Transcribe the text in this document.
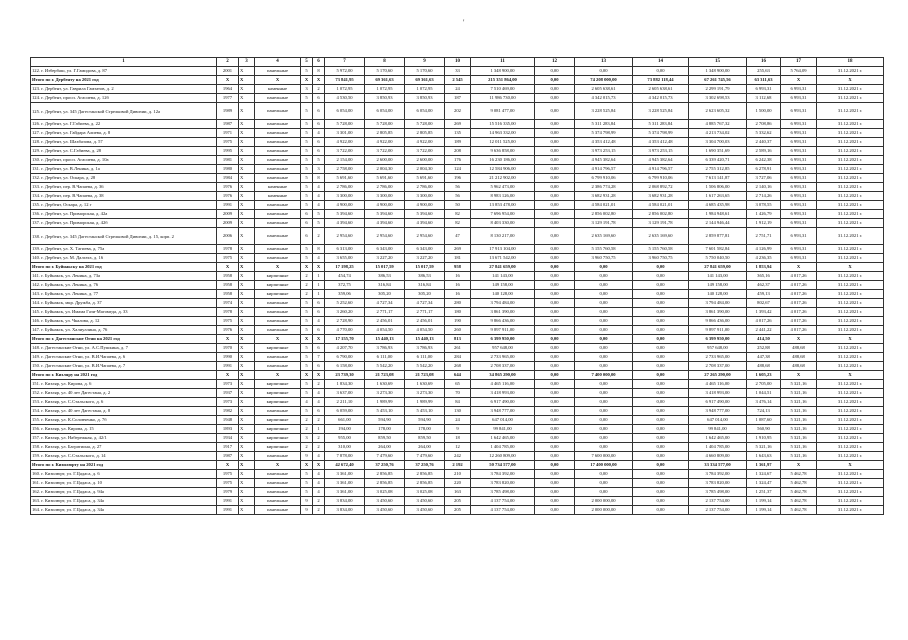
'
1	2	3	4	5	6	7	8	9	10	11	12	13	14	15	16	17	18
122. г. Избербаш, ул. Г.Гамидова, д. 87	2001	X	панельные	5	8	5 972,00	5 170,60	5 170,60	33	1 348 900,00	0,00	0,00	0,00	1 348 900,00	255,63	5 764,09	31.12.2021 г.
Итого по г. Дербенту на 2021 год	X	X	X	X	X	73 841,95	69 361,63	69 361,63	2 545	215 351 864,00	0,00	74 208 000,00	73 882 118,44	67 261 745,56	63 311,63	X	X
123. г. Дербент, ул. Гаврила Гамзатов, д. 2	1964	X	каменные	3	2	1 072,95	1 072,95	1 072,95	24	7 510 469,00	0,00	2 605 638,61	2 605 638,61	2 299 191,79	6 993,31	6 993,31	31.12.2021 г.
124. г. Дербент, просп. Агасиева, д. 12б	1977	X	панельные	5	6	4 530,50	3 850,93	3 850,93	187	11 986 730,00	0,00	4 342 015,73	4 342 015,73	3 302 698,53	3 112,68	6 993,31	31.12.2021 г.
125. г. Дербент, ул. 345 Дагестанской Стрелковой Дивизии, д. 12а	1989	X	панельные	5	6	6 054,00	6 054,00	6 054,00	202	9 081 477,00	0,00	3 228 525,84	3 228 525,84	2 623 605,32	1 500,00	6 993,31	31.12.2021 г.
126. г. Дербент, ул. Г.Габиева, д. 22	1987	X	панельные	5	6	5 728,00	5 728,00	5 728,00	269	15 516 335,00	0,00	5 311 283,84	5 311 283,84	4 885 767,32	2 708,86	6 993,31	31.12.2021 г.
127. г. Дербент, ул. Гайдара Алиева, д. 8	1971	X	панельные	5	4	3 301,00	2 805,85	2 805,85	135	14 963 332,00	0,00	5 374 798,99	5 374 798,99	4 213 734,02	5 332,62	6 993,31	31.12.2021 г.
128. г. Дербент, ул. Шахбазова, д. 57	1975	X	панельные	5	6	4 922,00	4 922,00	4 922,00	189	12 011 525,00	0,00	4 353 412,48	4 353 412,48	3 304 700,03	2 440,37	6 993,31	31.12.2021 г.
129. г. Дербент, ул. С.Габиева, д. 28	1995	X	панельные	5	6	3 722,00	3 722,00	3 722,00	208	9 636 858,00	0,00	3 973 253,15	3 973 253,15	1 690 351,69	2 589,16	6 993,31	31.12.2021 г.
130. г. Дербент, просп. Агасиева, д. 10а	1981	X	панельные	5	5	2 154,00	2 600,00	2 600,00	176	16 230 186,00	0,00	4 945 382,64	4 945 382,64	6 339 420,71	6 242,38	6 993,31	31.12.2021 г.
131. г. Дербент, ул. В.Ленина, д. 1а	1980	X	панельные	5	3	2 758,00	2 004,30	2 004,30	124	12 584 906,00	0,00	4 914 796,57	4 914 796,57	2 755 312,85	6 278,91	6 993,31	31.12.2021 г.
132. г. Дербент, ул. Оскара, д. 28	1984	X	панельные	5	8	5 691,60	5 691,60	5 691,60	196	21 212 902,00	0,00	6 799 910,06	6 799 910,06	7 613 141,87	3 727,06	6 993,31	31.12.2021 г.
133. г. Дербент, пер. В.Чапаева, д. 36	1976	X	каменные	5	4	2 786,00	2 786,00	2 786,00	56	5 962 473,00	0,00	2 386 774,28	2 068 892,72	1 506 806,00	2 140,16	6 993,31	31.12.2021 г.
134. г. Дербент, пер. В.Чапаева, д. 38	1976	X	каменные	5	4	3 300,00	3 300,00	3 300,00	56	8 983 126,00	0,00	3 682 931,28	3 682 931,28	1 617 263,65	2 714,26	6 993,31	31.12.2021 г.
135. г. Дербент, Оскара, д. 12 г	1991	X	панельные	5	4	4 900,00	4 900,00	4 900,00	50	13 853 478,00	0,00	4 584 021,01	4 584 021,01	4 685 435,98	3 078,55	6 993,31	31.12.2021 г.
136. г. Дербент, ул. Приморская, д. 42а	2009	X	панельные	6	5	5 394,60	5 394,60	5 394,60	82	7 696 954,00	0,00	2 856 002,80	2 856 002,80	1 984 948,61	1 426,79	6 993,31	31.12.2021 г.
137. г. Дербент, ул. Приморская, д. 42б	2009	X	панельные	6	5	4 394,60	4 394,60	4 394,60	82	8 403 330,00	0,00	3 129 191,78	3 129 191,78	2 144 946,44	1 912,19	6 993,31	31.12.2021 г.
138. г. Дербент, ул. 345 Дагестанской Стрелковой Дивизии, д. 15, корп. 2	2006	X	панельные	6	2	2 954,60	2 954,60	2 954,60	47	8 130 217,00	0,00	2 635 169,60	2 635 169,60	2 859 877,81	2 751,71	6 993,31	31.12.2021 г.
139. г. Дербент, ул. Х. Тагиева, д. 75а	1978	X	панельные	5	8	6 313,00	6 343,00	6 343,00	269	17 913 104,00	0,00	5 155 760,58	5 155 760,58	7 601 582,84	4 126,99	6 993,31	31.12.2021 г.
140. г. Дербент, ул. М. Далгата, д. 16	1975	X	панельные	5	4	3 655,00	3 227,20	3 227,20	181	13 671 542,00	0,00	3 960 750,75	3 960 750,75	5 750 040,50	4 236,35	6 993,31	31.12.2021 г.
Итого по г. Буйнакску на 2021 год	X	X	X	X	X	17 198,25	15 017,59	15 017,59	958	27 841 659,00	0,00	0,00	0,00	27 841 659,00	1 853,94	X	X
141. г. Буйнакск, ул. Ленина, д. 73а	1958	X	кирпичные	2	1	454,74	386,53	386,53	16	141 143,00	0,00	0,00	0,00	141 143,00	365,16	4 017,26	31.12.2021 г.
142. г. Буйнакск, ул. Ленина, д. 76	1958	X	кирпичные	2	1	372,75	316,84	316,84	16	149 158,00	0,00	0,00	0,00	149 158,00	462,37	4 017,26	31.12.2021 г.
143. г. Буйнакск, ул. Ленина, д. 77	1958	X	кирпичные	2	1	359,06	305,20	305,20	16	140 128,00	0,00	0,00	0,00	140 128,00	459,13	4 017,26	31.12.2021 г.
144. г. Буйнакск, мкр. Дружба, д. 37	1974	X	панельные	5	6	5 252,60	4 727,34	4 727,34	280	3 794 484,00	0,00	0,00	0,00	3 794 484,00	802,67	4 017,26	31.12.2021 г.
145. г. Буйнакск, ул. Имама Гази-Магомеда, д. 33	1978	X	панельные	5	6	3 260,20	2 771,17	2 771,17	180	3 861 390,00	0,00	0,00	0,00	3 861 390,00	1 393,42	4 017,26	31.12.2021 г.
146. г. Буйнакск, ул. Чкалова, д. 12	1975	X	панельные	5	4	2 728,90	2 456,01	2 456,01	190	9 866 436,00	0,00	0,00	0,00	9 866 436,00	4 017,26	4 017,26	31.12.2021 г.
147. г. Буйнакск, ул. Халиуллина, д. 76	1976	X	панельные	5	6	4 770,00	4 054,50	4 054,50	260	9 897 911,00	0,00	0,00	0,00	9 897 911,00	2 441,22	4 017,26	31.12.2021 г.
Итого по г. Дагестанские Огни на 2021 год	X	X	X	X	X	17 155,70	15 440,13	15 440,13	813	6 399 950,00	0,00	0,00	0,00	6 399 950,00	414,50	X	X
148. г. Дагестанские Огни, ул. А.С.Пушкина, д. 7	1970	X	кирпичные	5	6	4 207,70	3 786,93	3 786,93	261	957 648,00	0,00	0,00	0,00	957 648,00	252,88	488,68	31.12.2021 г.
149. г. Дагестанские Огни, ул. В.И.Чапаева, д. 6	1990	X	панельные	5	7	6 790,00	6 111,00	6 111,00	284	2 733 965,00	0,00	0,00	0,00	2 733 965,00	447,38	488,68	31.12.2021 г.
150. г. Дагестанские Огни, ул. В.И.Чапаева, д. 7	1991	X	панельные	5	6	6 158,00	5 542,20	5 542,20	268	2 708 337,00	0,00	0,00	0,00	2 708 337,00	488,68	488,68	31.12.2021 г.
Итого по г. Кизляру на 2021 год	X	X	X	X	X	23 739,30	21 723,08	21 723,08	644	34 865 290,00	0,00	7 400 000,00	0,00	27 265 290,00	1 605,23	X	X
151. г. Кизляр, ул. Кирова, д. 6	1973	X	кирпичные	5	2	1 834,30	1 630,69	1 630,69	65	4 465 116,00	0,00	0,00	0,00	4 465 116,00	2 705,00	5 321,16	31.12.2021 г.
152. г. Кизляр, ул. 40 лет Дагестана, д. 2	1937	X	кирпичные	5	4	3 637,00	3 273,30	3 273,30	70	3 418 993,00	0,00	0,00	0,00	3 418 993,00	1 044,51	5 321,16	31.12.2021 г.
153. г. Кизляр, ул. С.Стальского, д. 6	1973	X	кирпичные	4	4	2 211,10	1 989,99	1 989,99	84	6 917 490,00	0,00	0,00	0,00	6 917 490,00	3 476,14	5 321,16	31.12.2021 г.
154. г. Кизляр, ул. 40 лет Дагестана, д. 8	1982	X	панельные	5	6	6 059,00	5 453,10	5 453,10	130	3 948 777,00	0,00	0,00	0,00	3 948 777,00	724,13	5 321,16	31.12.2021 г.
155. г. Кизляр, ул. К.Соловченко, д. 7б	1948	X	кирпичные	2	2	661,00	594,90	594,90	24	647 014,00	0,00	0,00	0,00	647 014,00	1 087,60	5 321,16	31.12.2021 г.
156. г. Кизляр, ул. Кирова, д. 15	1893	X	кирпичные	2	1	194,00	178,00	178,00	9	99 841,00	0,00	0,00	0,00	99 841,00	560,90	5 321,16	31.12.2021 г.
157. г. Кизляр, ул. Набережная, д. 42/1	1934	X	кирпичные	3	2	955,00	859,50	859,50	18	1 642 465,00	0,00	0,00	0,00	1 642 465,00	1 910,95	5 321,16	31.12.2021 г.
158. г. Кизляр, ул. Багратиона, д. 27	1917	X	кирпичные	2	2	310,00	264,00	264,00	12	1 404 785,00	0,00	0,00	0,00	1 404 785,00	5 321,16	5 321,16	31.12.2021 г.
159. г. Кизляр, ул. С.Стальского, д. 14	1987	X	панельные	9	4	7 878,00	7 479,60	7 479,60	242	12 260 809,00	0,00	7 600 000,00	0,00	4 660 809,00	1 643,63	5 321,16	31.12.2021 г.
Итого по г. Кизилюрту на 2021 год	X	X	X	X	X	42 672,40	37 250,76	37 250,76	2 192	50 734 577,00	0,00	17 400 000,00	0,00	33 334 577,00	1 361,97	X	X
160. г. Кизилюрт, ул. Г.Цадаса, д. 6	1975	X	панельные	5	4	3 361,00	2 856,85	2 856,85	210	3 784 392,00	0,00	0,00	0,00	3 784 392,00	1 324,67	5 462,78	31.12.2021 г.
161. г. Кизилюрт, ул. Г.Цадаса, д. 10	1975	X	панельные	5	4	3 361,00	2 856,85	2 856,85	220	3 783 820,00	0,00	0,00	0,00	3 783 820,00	1 324,47	5 462,78	31.12.2021 г.
162. г. Кизилюрт, ул. Г.Цадаса, д. 94а	1979	X	панельные	5	4	3 361,00	3 025,08	3 025,08	163	3 785 498,00	0,00	0,00	0,00	3 785 498,00	1 251,37	5 462,78	31.12.2021 г.
163. г. Кизилюрт, ул. Г.Цадаса, д. 34а	1991	X	панельные	9	2	3 834,00	3 450,60	3 450,60	205	4 137 754,00	0,00	2 000 000,00	0,00	2 137 754,00	1 199,14	5 462,78	31.12.2021 г.
164. г. Кизилюрт, ул. Г.Цадаса, д. 34а	1991	X	панельные	9	2	3 834,00	3 450,60	3 450,60	205	4 137 754,00	0,00	2 000 000,00	0,00	2 137 754,00	1 199,14	5 462,78	31.12.2021 г.
